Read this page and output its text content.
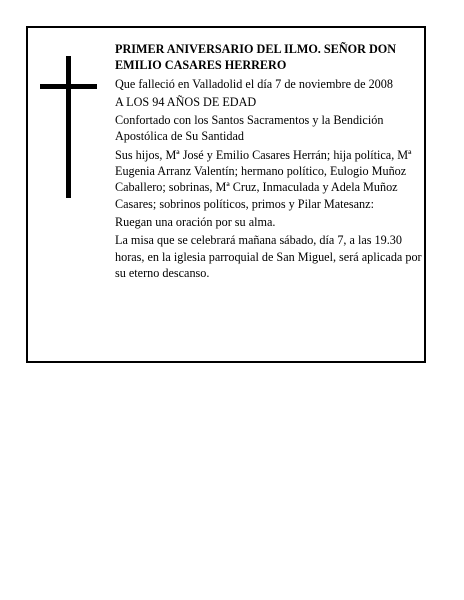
PRIMER ANIVERSARIO DEL ILMO. SEÑOR DON EMILIO CASARES HERRERO

Que falleció en Valladolid el día 7 de noviembre de 2008

A LOS 94 AÑOS DE EDAD

Confortado con los Santos Sacramentos y la Bendición Apostólica de Su Santidad

Sus hijos, Mª José y Emilio Casares Herrán; hija política, Mª Eugenia Arranz Valentín; hermano político, Eulogio Muñoz Caballero; sobrinas, Mª Cruz, Inmaculada y Adela Muñoz Casares; sobrinos políticos, primos y Pilar Matesanz:

Ruegan una oración por su alma.

La misa que se celebrará mañana sábado, día 7, a las 19.30 horas, en la iglesia parroquial de San Miguel, será aplicada por su eterno descanso.
